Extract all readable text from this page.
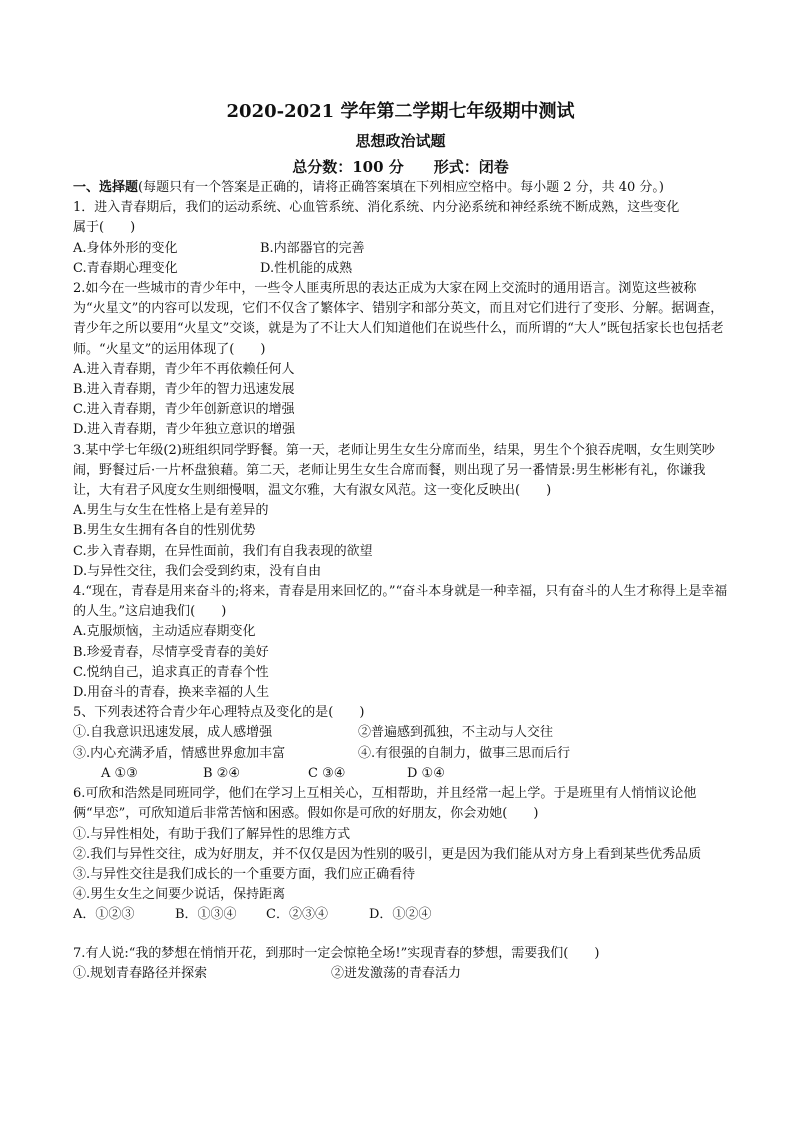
2020-2021 学年第二学期七年级期中测试
思想政治试题
总分数：100 分　　形式：闭卷
一、选择题(每题只有一个答案是正确的，请将正确答案填在下列相应空格中。每小题 2 分，共 40 分。)
1．进入青春期后，我们的运动系统、心血管系统、消化系统、内分泌系统和神经系统不断成熟，这些变化
属于(　　)
A.身体外形的变化	B.内部器官的完善
C.青春期心理变化	D.性机能的成熟
2.如今在一些城市的青少年中，一些令人匪夷所思的表达正成为大家在网上交流时的通用语言。浏览这些被称为“火星文”的内容可以发现，它们不仅含了繁体字、错别字和部分英文，而且对它们进行了变形、分解。据调查，青少年之所以要用“火星文”交谈，就是为了不让大人们知道他们在说些什么，而所谓的“大人”既包括家长也包括老师。“火星文”的运用体现了(　　)
A.进入青春期，青少年不再依赖任何人
B.进入青春期，青少年的智力迅速发展
C.进入青春期，青少年创新意识的增强
D.进入青春期，青少年独立意识的增强
3.某中学七年级(2)班组织同学野餐。第一天，老师让男生女生分席而坐，结果，男生个个狼吞虎咽，女生则笑吵闹，野餐过后·一片杯盘狼藉。第二天，老师让男生女生合席而餐，则出现了另一番情景:男生彬彬有礼，你谦我让，大有君子风度女生则细慢咽，温文尔雅，大有淑女风范。这一变化反映出(　　)
A.男生与女生在性格上是有差异的
B.男生女生拥有各自的性别优势
C.步入青春期，在异性面前，我们有自我表现的欲望
D.与异性交往，我们会受到约束，没有自由
4.“现在，青春是用来奋斗的;将来，青春是用来回忆的。”“奋斗本身就是一种幸福，只有奋斗的人生才称得上是幸福的人生。”这启迪我们(　　)
A.克服烦恼，主动适应春期变化
B.珍爱青春，尽情享受青春的美好
C.悦纳自己，追求真正的青春个性
D.用奋斗的青春，换来幸福的人生
5、下列表述符合青少年心理特点及变化的是(　　)
①.自我意识迅速发展，成人感增强	②普遍感到孤独，不主动与人交往
③.内心充满矛盾，情感世界愈加丰富	④.有很强的自制力，做事三思而后行
A ①③	B ②④	C ③④	D ①④
6.可欣和浩然是同班同学，他们在学习上互相关心，互相帮助，并且经常一起上学。于是班里有人悄悄议论他俩“早恋”，可欣知道后非常苦恼和困惑。假如你是可欣的好朋友，你会劝她(　　)
①.与异性相处，有助于我们了解异性的思维方式
②.我们与异性交往，成为好朋友，并不仅仅是因为性别的吸引，更是因为我们能从对方身上看到某些优秀品质
③.与异性交往是我们成长的一个重要方面，我们应正确看待
④.男生女生之间要少说话，保持距离
A．①②③	B．①③④	C．②③④	D．①②④
7.有人说:“我的梦想在悄悄开花，到那时一定会惊艳全场!”实现青春的梦想，需要我们(　　)
①.规划青春路径并探索	②迸发激荡的青春活力
